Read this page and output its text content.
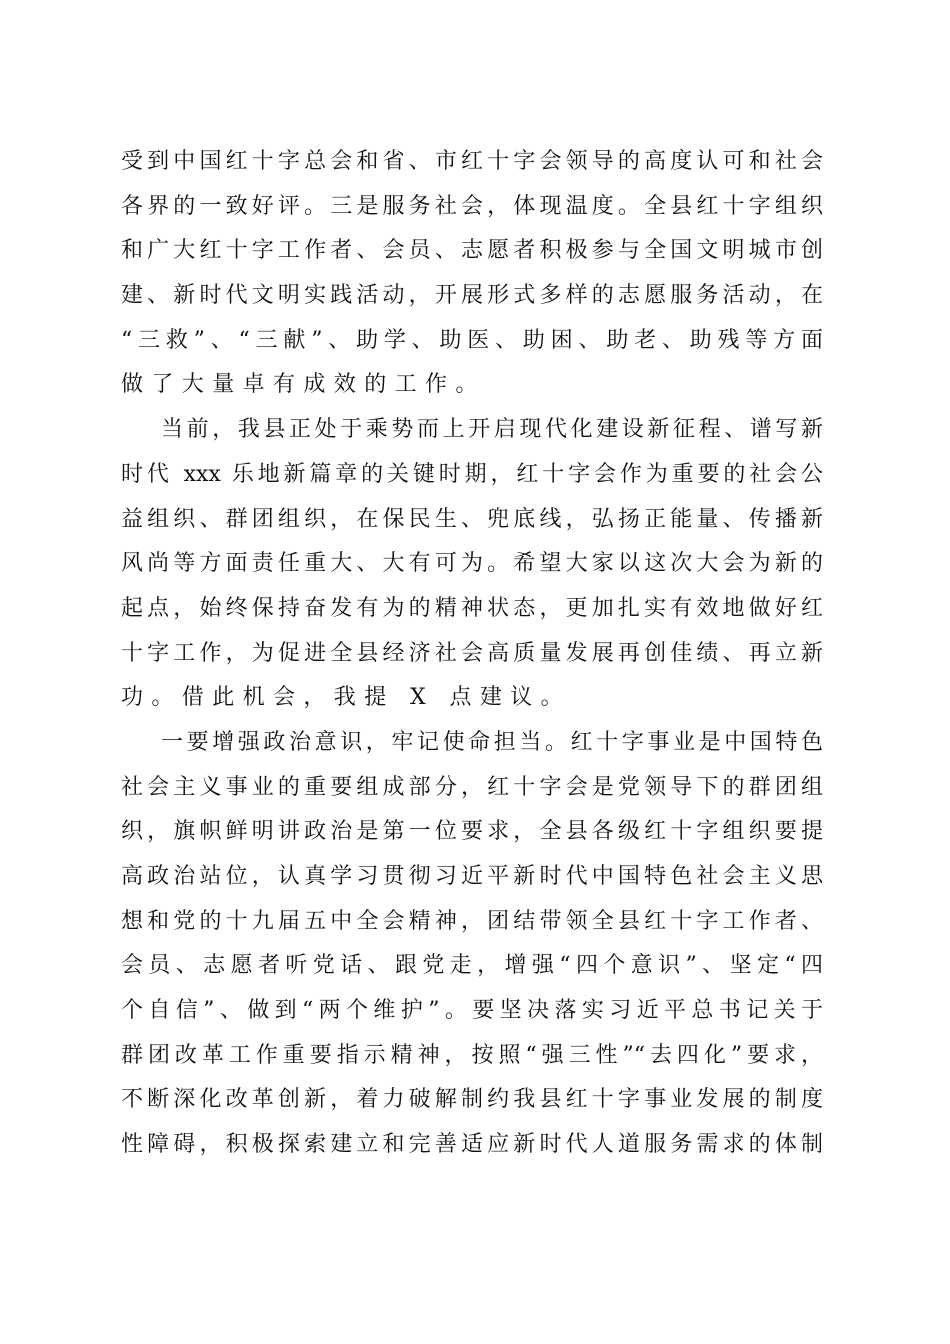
受到中国红十字总会和省、市红十字会领导的高度认可和社会
各界的一致好评。三是服务社会，体现温度。全县红十字组织
和广大红十字工作者、会员、志愿者积极参与全国文明城市创
建、新时代文明实践活动，开展形式多样的志愿服务活动，在
“三救”、“三献”、助学、助医、助困、助老、助残等方面
做了大量卓有成效的工作。
当前，我县正处于乘势而上开启现代化建设新征程、谱写新
时代 xxx 乐地新篇章的关键时期，红十字会作为重要的社会公
益组织、群团组织，在保民生、兜底线，弘扬正能量、传播新
风尚等方面责任重大、大有可为。希望大家以这次大会为新的
起点，始终保持奋发有为的精神状态，更加扎实有效地做好红
十字工作，为促进全县经济社会高质量发展再创佳绩、再立新
功。借此机会，我提 X 点建议。
一要增强政治意识，牢记使命担当。红十字事业是中国特色
社会主义事业的重要组成部分，红十字会是党领导下的群团组
织，旗帜鲜明讲政治是第一位要求，全县各级红十字组织要提
高政治站位，认真学习贯彻习近平新时代中国特色社会主义思
想和党的十九届五中全会精神，团结带领全县红十字工作者、
会员、志愿者听党话、跟党走，增强“四个意识”、坚定“四
个自信”、做到“两个维护”。要坚决落实习近平总书记关于
群团改革工作重要指示精神，按照“强三性”“去四化”要求，
不断深化改革创新，着力破解制约我县红十字事业发展的制度
性障碍，积极探索建立和完善适应新时代人道服务需求的体制
